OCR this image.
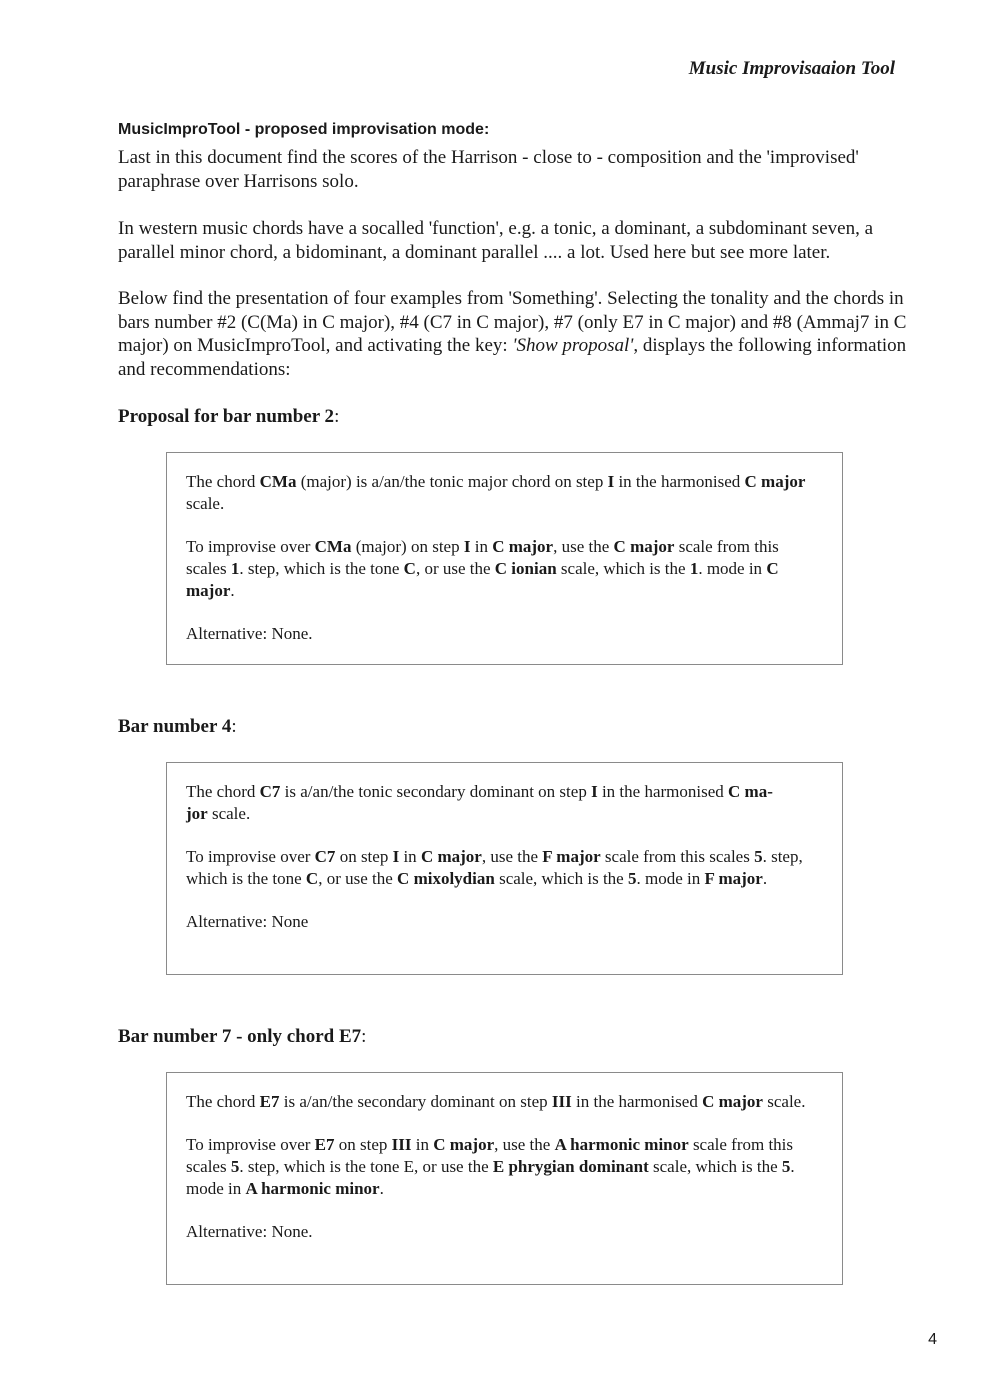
Music Improvisaaion Tool
MusicImproTool - proposed improvisation mode:

Last in this document find the scores of the Harrison - close to - composition and the 'improvised' paraphrase over Harrisons solo.

In western music chords have a socalled 'function', e.g. a tonic, a dominant, a subdominant seven, a parallel minor chord, a bidominant, a dominant parallel .... a lot. Used here but see more later.

Below find the presentation of four examples from 'Something'. Selecting the tonality and the chords in bars number #2 (C(Ma) in C major), #4 (C7 in C major), #7 (only E7 in C major) and #8 (Ammaj7 in C major) on MusicImproTool, and activating the key: 'Show proposal', displays the following information and recommendations:

Proposal for bar number 2:

The chord CMa (major) is a/an/the tonic major chord on step I in the harmonised C major scale.

To improvise over CMa (major) on step I in C major, use the C major scale from this scales 1. step, which is the tone C, or use the C ionian scale, which is the 1. mode in C major.

Alternative: None.

Bar number 4:

The chord C7 is a/an/the tonic secondary dominant on step I in the harmonised C ma-
jor scale.

To improvise over C7 on step I in C major, use the F major scale from this scales 5. step, which is the tone C, or use the C mixolydian scale, which is the 5. mode in F major.

Alternative: None

Bar number 7 - only chord E7:

The chord E7 is a/an/the secondary dominant on step III in the harmonised C major scale.

To improvise over E7 on step III in C major, use the A harmonic minor scale from this scales 5. step, which is the tone E, or use the E phrygian dominant scale, which is the 5. mode in A harmonic minor.

Alternative: None.

4
